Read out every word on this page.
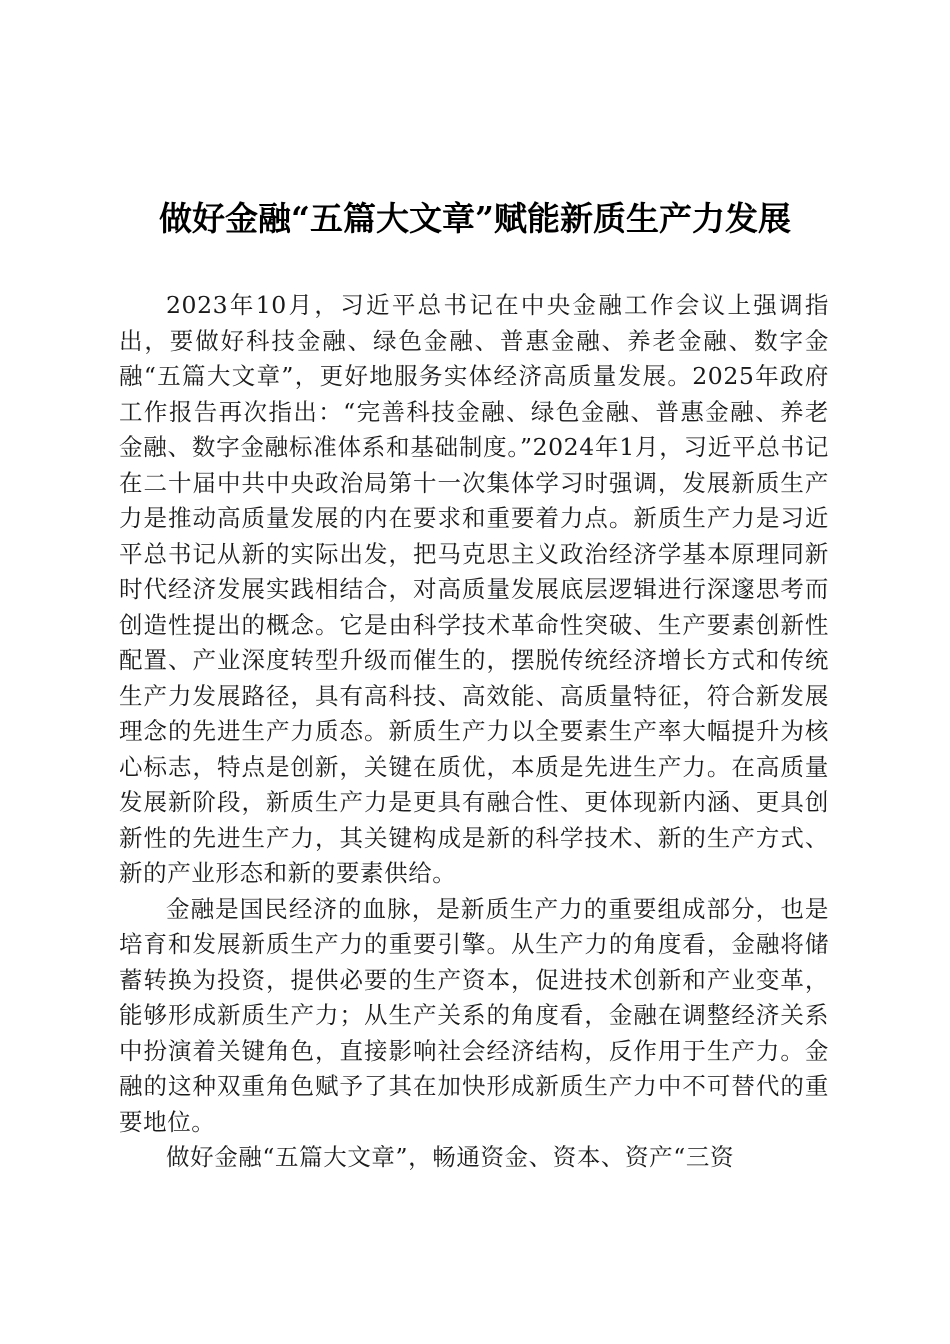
做好金融“五篇大文章”赋能新质生产力发展

2023年10月，习近平总书记在中央金融工作会议上强调指出，要做好科技金融、绿色金融、普惠金融、养老金融、数字金融“五篇大文章”，更好地服务实体经济高质量发展。2025年政府工作报告再次指出：“完善科技金融、绿色金融、普惠金融、养老金融、数字金融标准体系和基础制度。”2024年1月，习近平总书记在二十届中共中央政治局第十一次集体学习时强调，发展新质生产力是推动高质量发展的内在要求和重要着力点。新质生产力是习近平总书记从新的实际出发，把马克思主义政治经济学基本原理同新时代经济发展实践相结合，对高质量发展底层逻辑进行深邃思考而创造性提出的概念。它是由科学技术革命性突破、生产要素创新性配置、产业深度转型升级而催生的，摆脱传统经济增长方式和传统生产力发展路径，具有高科技、高效能、高质量特征，符合新发展理念的先进生产力质态。新质生产力以全要素生产率大幅提升为核心标志，特点是创新，关键在质优，本质是先进生产力。在高质量发展新阶段，新质生产力是更具有融合性、更体现新内涵、更具创新性的先进生产力，其关键构成是新的科学技术、新的生产方式、新的产业形态和新的要素供给。

金融是国民经济的血脉，是新质生产力的重要组成部分，也是培育和发展新质生产力的重要引擎。从生产力的角度看，金融将储蓄转换为投资，提供必要的生产资本，促进技术创新和产业变革，能够形成新质生产力；从生产关系的角度看，金融在调整经济关系中扮演着关键角色，直接影响社会经济结构，反作用于生产力。金融的这种双重角色赋予了其在加快形成新质生产力中不可替代的重要地位。

做好金融“五篇大文章”，畅通资金、资本、资产“三资
